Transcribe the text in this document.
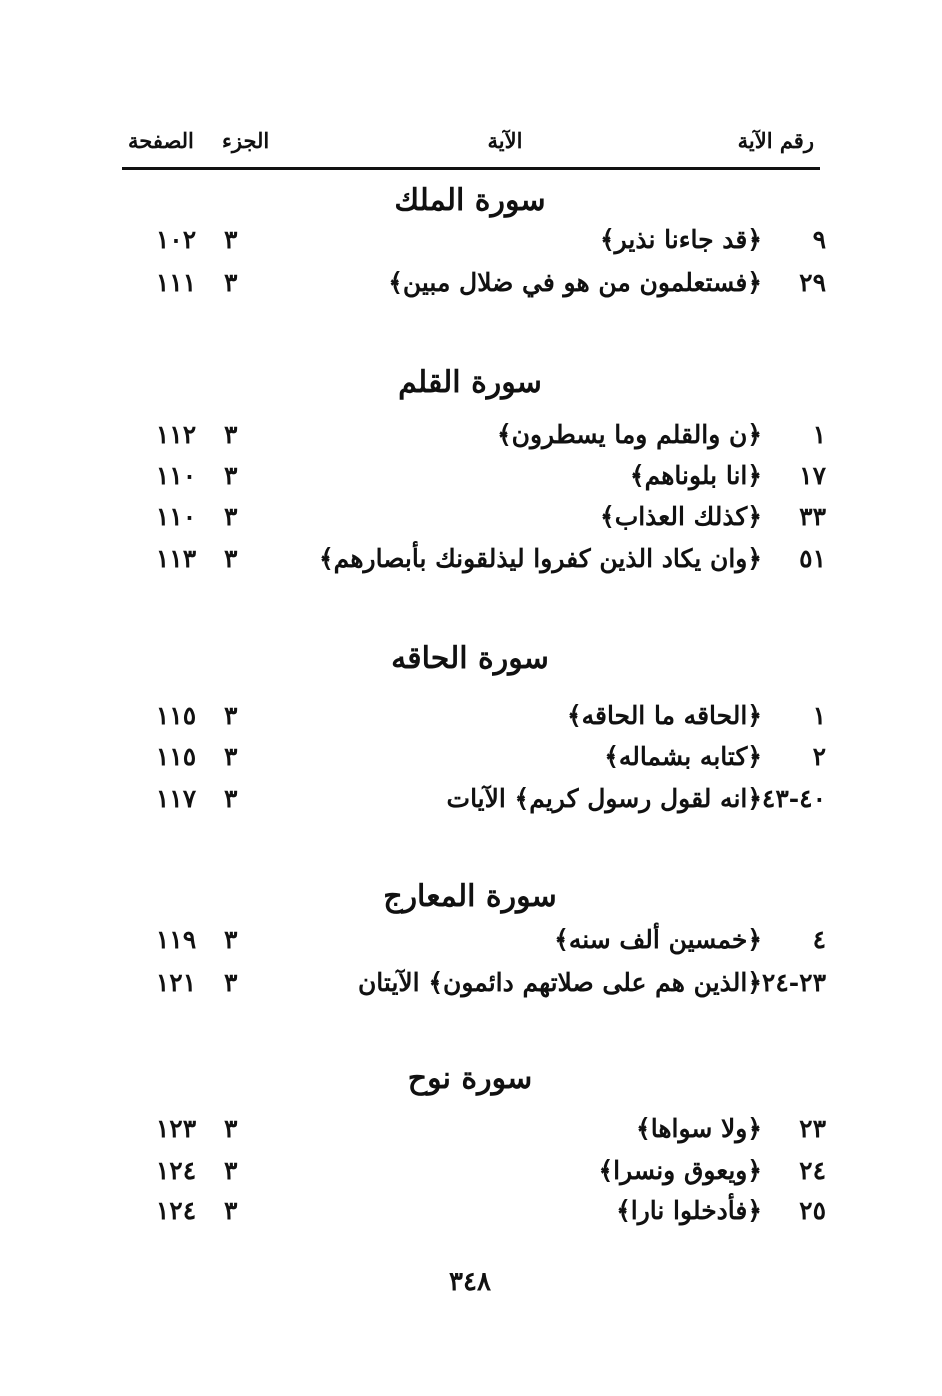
رقم الآية
الآية
الجزء
الصفحة
سورة الملك
٩
﴿قد جاءنا نذير﴾
٣
١٠٢
٢٩
﴿فستعلمون من هو في ضلال مبين﴾
٣
١١١
سورة القلم
١
﴿ن والقلم وما يسطرون﴾
٣
١١٢
١٧
﴿انا بلوناهم﴾
٣
١١٠
٣٣
﴿كذلك العذاب﴾
٣
١١٠
٥١
﴿وان يكاد الذين كفروا ليذلقونك بأبصارهم﴾
٣
١١٣
سورة الحاقه
١
﴿الحاقه ما الحاقه﴾
٣
١١٥
٢
﴿كتابه بشماله﴾
٣
١١٥
٤٠-٤٣
﴿انه لقول رسول كريم﴾ الآيات
٣
١١٧
سورة المعارج
٤
﴿خمسين ألف سنه﴾
٣
١١٩
٢٣-٢٤
﴿الذين هم على صلاتهم دائمون﴾ الآيتان
٣
١٢١
سورة نوح
٢٣
﴿ولا سواها﴾
٣
١٢٣
٢٤
﴿ويعوق ونسرا﴾
٣
١٢٤
٢٥
﴿فأدخلوا نارا﴾
٣
١٢٤
٣٤٨
